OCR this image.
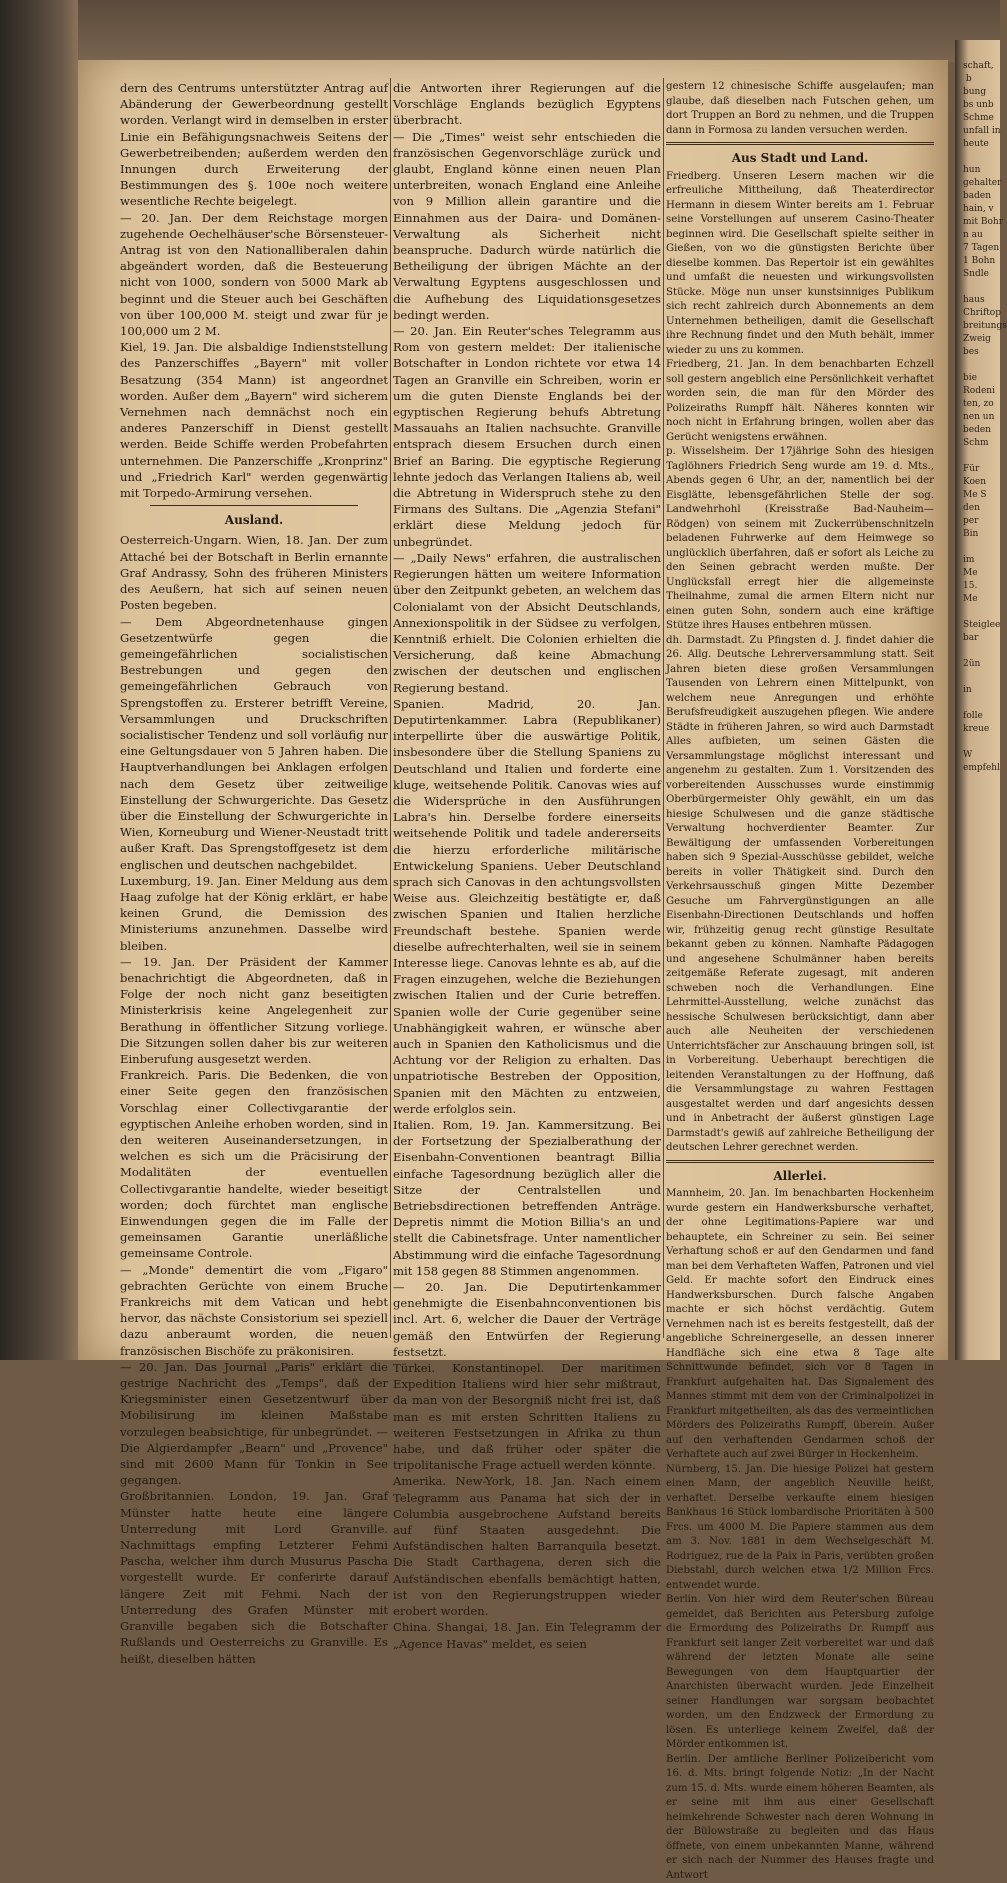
schaft,
b
bung
bs unb
Schme
unfall in
heute

hun
gehalter
baden
hain, v
mit Bohr
n au
7 Tagen
1 Bohn
Sndle

haus
Chriftop
breitungs
Zweig
bes

bie
Rodeni
ten, zo
nen un
beden
Schm

Für
Koen
Me S
den
per
Bin

im
Me
15.
Me

Steiglee
bar

2ün

in

folle
kreue

W
empfehl

dern des Centrums unterstützter Antrag auf Abänderung der Gewerbeordnung gestellt worden. Verlangt wird in demselben in erster Linie ein Befähigungsnachweis Seitens der Gewerbetreibenden; außerdem werden den Innungen durch Erweiterung der Bestimmungen des §. 100e noch weitere wesentliche Rechte beigelegt.

— 20. Jan. Der dem Reichstage morgen zugehende Oechelhäuser'sche Börsensteuer-Antrag ist von den Nationalliberalen dahin abgeändert worden, daß die Besteuerung nicht von 1000, sondern von 5000 Mark ab beginnt und die Steuer auch bei Geschäften von über 100,000 M. steigt und zwar für je 100,000 um 2 M.

Kiel, 19. Jan. Die alsbaldige Indienststellung des Panzerschiffes „Bayern" mit voller Besatzung (354 Mann) ist angeordnet worden. Außer dem „Bayern" wird sicherem Vernehmen nach demnächst noch ein anderes Panzerschiff in Dienst gestellt werden. Beide Schiffe werden Probefahrten unternehmen. Die Panzerschiffe „Kronprinz" und „Friedrich Karl" werden gegenwärtig mit Torpedo-Armirung versehen.

Ausland.

Oesterreich-Ungarn. Wien, 18. Jan. Der zum Attaché bei der Botschaft in Berlin ernannte Graf Andrassy, Sohn des früheren Ministers des Aeußern, hat sich auf seinen neuen Posten begeben.

— Dem Abgeordnetenhause gingen Gesetzentwürfe gegen die gemeingefährlichen socialistischen Bestrebungen und gegen den gemeingefährlichen Gebrauch von Sprengstoffen zu. Ersterer betrifft Vereine, Versammlungen und Druckschriften socialistischer Tendenz und soll vorläufig nur eine Geltungsdauer von 5 Jahren haben. Die Hauptverhandlungen bei Anklagen erfolgen nach dem Gesetz über zeitweilige Einstellung der Schwurgerichte. Das Gesetz über die Einstellung der Schwurgerichte in Wien, Korneuburg und Wiener-Neustadt tritt außer Kraft. Das Sprengstoffgesetz ist dem englischen und deutschen nachgebildet.

Luxemburg, 19. Jan. Einer Meldung aus dem Haag zufolge hat der König erklärt, er habe keinen Grund, die Demission des Ministeriums anzunehmen. Dasselbe wird bleiben.

— 19. Jan. Der Präsident der Kammer benachrichtigt die Abgeordneten, daß in Folge der noch nicht ganz beseitigten Ministerkrisis keine Angelegenheit zur Berathung in öffentlicher Sitzung vorliege. Die Sitzungen sollen daher bis zur weiteren Einberufung ausgesetzt werden.

Frankreich. Paris. Die Bedenken, die von einer Seite gegen den französischen Vorschlag einer Collectivgarantie der egyptischen Anleihe erhoben worden, sind in den weiteren Auseinandersetzungen, in welchen es sich um die Präcisirung der Modalitäten der eventuellen Collectivgarantie handelte, wieder beseitigt worden; doch fürchtet man englische Einwendungen gegen die im Falle der gemeinsamen Garantie unerläßliche gemeinsame Controle.

— „Monde" dementirt die vom „Figaro" gebrachten Gerüchte von einem Bruche Frankreichs mit dem Vatican und hebt hervor, das nächste Consistorium sei speziell dazu anberaumt worden, die neuen französischen Bischöfe zu präkonisiren.

— 20. Jan. Das Journal „Paris" erklärt die gestrige Nachricht des „Temps", daß der Kriegsminister einen Gesetzentwurf über Mobilisirung im kleinen Maßstabe vorzulegen beabsichtige, für unbegründet. — Die Algierdampfer „Bearn" und „Provence" sind mit 2600 Mann für Tonkin in See gegangen.

Großbritannien. London, 19. Jan. Graf Münster hatte heute eine längere Unterredung mit Lord Granville. Nachmittags empfing Letzterer Fehmi Pascha, welcher ihm durch Musurus Pascha vorgestellt wurde. Er conferirte darauf längere Zeit mit Fehmi. Nach der Unterredung des Grafen Münster mit Granville begaben sich die Botschafter Rußlands und Oesterreichs zu Granville. Es heißt, dieselben hätten

die Antworten ihrer Regierungen auf die Vorschläge Englands bezüglich Egyptens überbracht.

— Die „Times" weist sehr entschieden die französischen Gegenvorschläge zurück und glaubt, England könne einen neuen Plan unterbreiten, wonach England eine Anleihe von 9 Million allein garantire und die Einnahmen aus der Daira- und Domänen-Verwaltung als Sicherheit nicht beanspruche. Dadurch würde natürlich die Betheiligung der übrigen Mächte an der Verwaltung Egyptens ausgeschlossen und die Aufhebung des Liquidationsgesetzes bedingt werden.

— 20. Jan. Ein Reuter'sches Telegramm aus Rom von gestern meldet: Der italienische Botschafter in London richtete vor etwa 14 Tagen an Granville ein Schreiben, worin er um die guten Dienste Englands bei der egyptischen Regierung behufs Abtretung Massauahs an Italien nachsuchte. Granville entsprach diesem Ersuchen durch einen Brief an Baring. Die egyptische Regierung lehnte jedoch das Verlangen Italiens ab, weil die Abtretung in Widerspruch stehe zu den Firmans des Sultans. Die „Agenzia Stefani" erklärt diese Meldung jedoch für unbegründet.

— „Daily News" erfahren, die australischen Regierungen hätten um weitere Information über den Zeitpunkt gebeten, an welchem das Colonialamt von der Absicht Deutschlands, Annexionspolitik in der Südsee zu verfolgen, Kenntniß erhielt. Die Colonien erhielten die Versicherung, daß keine Abmachung zwischen der deutschen und englischen Regierung bestand.

Spanien. Madrid, 20. Jan. Deputirtenkammer. Labra (Republikaner) interpellirte über die auswärtige Politik, insbesondere über die Stellung Spaniens zu Deutschland und Italien und forderte eine kluge, weitsehende Politik. Canovas wies auf die Widersprüche in den Ausführungen Labra's hin. Derselbe fordere einerseits weitsehende Politik und tadele andererseits die hierzu erforderliche militärische Entwickelung Spaniens. Ueber Deutschland sprach sich Canovas in den achtungsvollsten Weise aus. Gleichzeitig bestätigte er, daß zwischen Spanien und Italien herzliche Freundschaft bestehe. Spanien werde dieselbe aufrechterhalten, weil sie in seinem Interesse liege. Canovas lehnte es ab, auf die Fragen einzugehen, welche die Beziehungen zwischen Italien und der Curie betreffen. Spanien wolle der Curie gegenüber seine Unabhängigkeit wahren, er wünsche aber auch in Spanien den Katholicismus und die Achtung vor der Religion zu erhalten. Das unpatriotische Bestreben der Opposition, Spanien mit den Mächten zu entzweien, werde erfolglos sein.

Italien. Rom, 19. Jan. Kammersitzung. Bei der Fortsetzung der Spezialberathung der Eisenbahn-Conventionen beantragt Billia einfache Tagesordnung bezüglich aller die Sitze der Centralstellen und Betriebsdirectionen betreffenden Anträge. Depretis nimmt die Motion Billia's an und stellt die Cabinetsfrage. Unter namentlicher Abstimmung wird die einfache Tagesordnung mit 158 gegen 88 Stimmen angenommen.

— 20. Jan. Die Deputirtenkammer genehmigte die Eisenbahnconventionen bis incl. Art. 6, welcher die Dauer der Verträge gemäß den Entwürfen der Regierung festsetzt.

Türkei. Konstantinopel. Der maritimen Expedition Italiens wird hier sehr mißtraut, da man von der Besorgniß nicht frei ist, daß man es mit ersten Schritten Italiens zu weiteren Festsetzungen in Afrika zu thun habe, und daß früher oder später die tripolitanische Frage actuell werden könnte.

Amerika. New-York, 18. Jan. Nach einem Telegramm aus Panama hat sich der in Columbia ausgebrochene Aufstand bereits auf fünf Staaten ausgedehnt. Die Aufständischen halten Barranquila besetzt. Die Stadt Carthagena, deren sich die Aufständischen ebenfalls bemächtigt hatten, ist von den Regierungstruppen wieder erobert worden.

China. Shangai, 18. Jan. Ein Telegramm der „Agence Havas" meldet, es seien

gestern 12 chinesische Schiffe ausgelaufen; man glaube, daß dieselben nach Futschen gehen, um dort Truppen an Bord zu nehmen, und die Truppen dann in Formosa zu landen versuchen werden.

Aus Stadt und Land.

Friedberg. Unseren Lesern machen wir die erfreuliche Mittheilung, daß Theaterdirector Hermann in diesem Winter bereits am 1. Februar seine Vorstellungen auf unserem Casino-Theater beginnen wird. Die Gesellschaft spielte seither in Gießen, von wo die günstigsten Berichte über dieselbe kommen. Das Repertoir ist ein gewähltes und umfaßt die neuesten und wirkungsvollsten Stücke. Möge nun unser kunstsinniges Publikum sich recht zahlreich durch Abonnements an dem Unternehmen betheiligen, damit die Gesellschaft ihre Rechnung findet und den Muth behält, immer wieder zu uns zu kommen.

Friedberg, 21. Jan. In dem benachbarten Echzell soll gestern angeblich eine Persönlichkeit verhaftet worden sein, die man für den Mörder des Polizeiraths Rumpff hält. Näheres konnten wir noch nicht in Erfahrung bringen, wollen aber das Gerücht wenigstens erwähnen.

p. Wisselsheim. Der 17jährige Sohn des hiesigen Taglöhners Friedrich Seng wurde am 19. d. Mts., Abends gegen 6 Uhr, an der, namentlich bei der Eisglätte, lebensgefährlichen Stelle der sog. Landwehrhohl (Kreisstraße Bad-Nauheim—Rödgen) von seinem mit Zuckerrübenschnitzeln beladenen Fuhrwerke auf dem Heimwege so unglücklich überfahren, daß er sofort als Leiche zu den Seinen gebracht werden mußte. Der Unglücksfall erregt hier die allgemeinste Theilnahme, zumal die armen Eltern nicht nur einen guten Sohn, sondern auch eine kräftige Stütze ihres Hauses entbehren müssen.

dh. Darmstadt. Zu Pfingsten d. J. findet dahier die 26. Allg. Deutsche Lehrerversammlung statt. Seit Jahren bieten diese großen Versammlungen Tausenden von Lehrern einen Mittelpunkt, von welchem neue Anregungen und erhöhte Berufsfreudigkeit auszugehen pflegen. Wie andere Städte in früheren Jahren, so wird auch Darmstadt Alles aufbieten, um seinen Gästen die Versammlungstage möglichst interessant und angenehm zu gestalten. Zum 1. Vorsitzenden des vorbereitenden Ausschusses wurde einstimmig Oberbürgermeister Ohly gewählt, ein um das hiesige Schulwesen und die ganze städtische Verwaltung hochverdienter Beamter. Zur Bewältigung der umfassenden Vorbereitungen haben sich 9 Spezial-Ausschüsse gebildet, welche bereits in voller Thätigkeit sind. Durch den Verkehrsausschuß gingen Mitte Dezember Gesuche um Fahrvergünstigungen an alle Eisenbahn-Directionen Deutschlands und hoffen wir, frühzeitig genug recht günstige Resultate bekannt geben zu können. Namhafte Pädagogen und angesehene Schulmänner haben bereits zeitgemäße Referate zugesagt, mit anderen schweben noch die Verhandlungen. Eine Lehrmittel-Ausstellung, welche zunächst das hessische Schulwesen berücksichtigt, dann aber auch alle Neuheiten der verschiedenen Unterrichtsfächer zur Anschauung bringen soll, ist in Vorbereitung. Ueberhaupt berechtigen die leitenden Veranstaltungen zu der Hoffnung, daß die Versammlungstage zu wahren Festtagen ausgestaltet werden und darf angesichts dessen und in Anbetracht der äußerst günstigen Lage Darmstadt's gewiß auf zahlreiche Betheiligung der deutschen Lehrer gerechnet werden.

Allerlei.

Mannheim, 20. Jan. Im benachbarten Hockenheim wurde gestern ein Handwerksbursche verhaftet, der ohne Legitimations-Papiere war und behauptete, ein Schreiner zu sein. Bei seiner Verhaftung schoß er auf den Gendarmen und fand man bei dem Verhafteten Waffen, Patronen und viel Geld. Er machte sofort den Eindruck eines Handwerksburschen. Durch falsche Angaben machte er sich höchst verdächtig. Gutem Vernehmen nach ist es bereits festgestellt, daß der angebliche Schreinergeselle, an dessen innerer Handfläche sich eine etwa 8 Tage alte Schnittwunde befindet, sich vor 8 Tagen in Frankfurt aufgehalten hat. Das Signalement des Mannes stimmt mit dem von der Criminalpolizei in Frankfurt mitgetheilten, als das des vermeintlichen Mörders des Polizeiraths Rumpff, überein. Außer auf den verhaftenden Gendarmen schoß der Verhaftete auch auf zwei Bürger in Hockenheim.

Nürnberg, 15. Jan. Die hiesige Polizei hat gestern einen Mann, der angeblich Neuville heißt, verhaftet. Derselbe verkaufte einem hiesigen Bankhaus 16 Stück lombardische Prioritäten à 500 Frcs. um 4000 M. Die Papiere stammen aus dem am 3. Nov. 1881 in dem Wechselgeschäft M. Rodriguez, rue de la Paix in Paris, verübten großen Diebstahl, durch welchen etwa 1/2 Million Frcs. entwendet wurde.

Berlin. Von hier wird dem Reuter'schen Büreau gemeldet, daß Berichten aus Petersburg zufolge die Ermordung des Polizeiraths Dr. Rumpff aus Frankfurt seit langer Zeit vorbereitet war und daß während der letzten Monate alle seine Bewegungen von dem Hauptquartier der Anarchisten überwacht wurden. Jede Einzelheit seiner Handlungen war sorgsam beobachtet worden, um den Endzweck der Ermordung zu lösen. Es unterliege keinem Zweifel, daß der Mörder entkommen ist.

Berlin. Der amtliche Berliner Polizeibericht vom 16. d. Mts. bringt folgende Notiz: „In der Nacht zum 15. d. Mts. wurde einem höheren Beamten, als er seine mit ihm aus einer Gesellschaft heimkehrende Schwester nach deren Wohnung in der Bülowstraße zu begleiten und das Haus öffnete, von einem unbekannten Manne, während er sich nach der Nummer des Hauses fragte und Antwort
